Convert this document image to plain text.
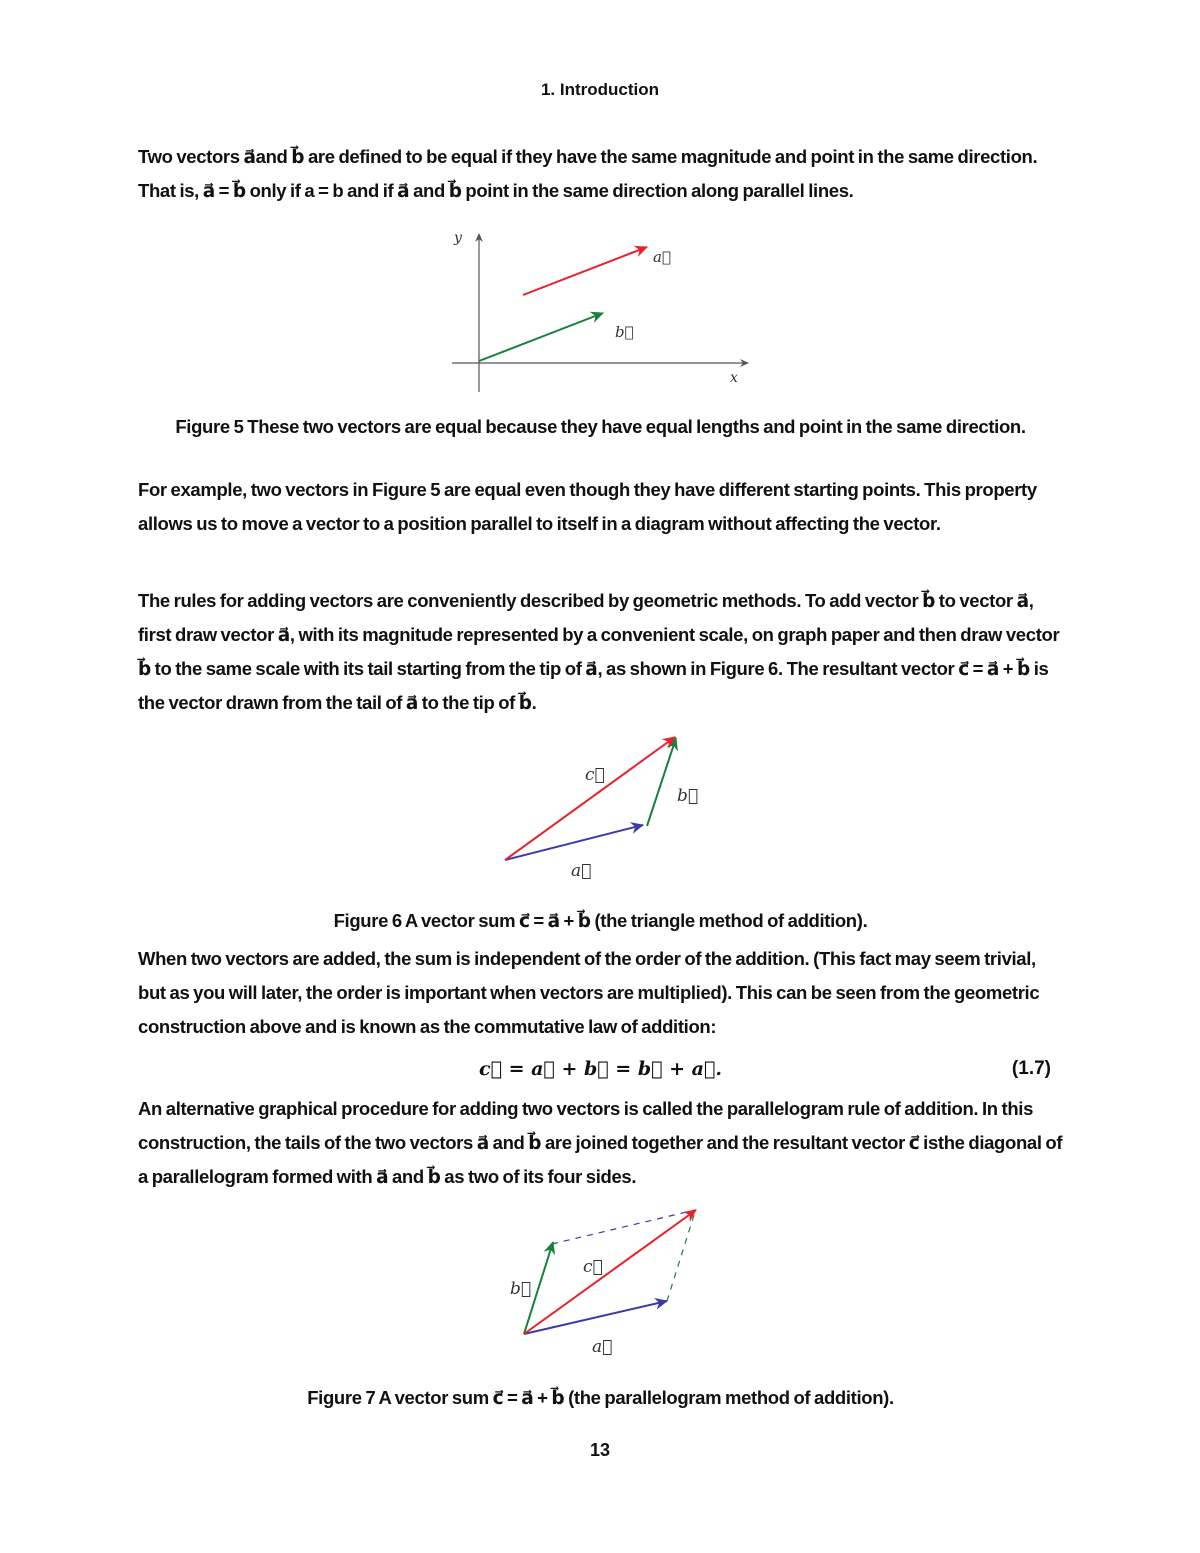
1. Introduction

Two vectors a⃗and b⃗ are defined to be equal if they have the same magnitude and point in the same direction. That is, a⃗ = b⃗ only if a = b and if a⃗ and b⃗ point in the same direction along parallel lines.

y
x
a⃗
b⃗

Figure 5 These two vectors are equal because they have equal lengths and point in the same direction.

For example, two vectors in Figure 5 are equal even though they have different starting points. This property allows us to move a vector to a position parallel to itself in a diagram without affecting the vector.

The rules for adding vectors are conveniently described by geometric methods. To add vector b⃗ to vector a⃗, first draw vector a⃗, with its magnitude represented by a convenient scale, on graph paper and then draw vector b⃗ to the same scale with its tail starting from the tip of a⃗, as shown in Figure 6. The resultant vector c⃗ = a⃗ + b⃗ is the vector drawn from the tail of a⃗ to the tip of b⃗.

c⃗
b⃗
a⃗

Figure 6 A vector sum c⃗ = a⃗ + b⃗ (the triangle method of addition).

When two vectors are added, the sum is independent of the order of the addition. (This fact may seem trivial, but as you will later, the order is important when vectors are multiplied). This can be seen from the geometric construction above and is known as the commutative law of addition:

c⃗ = a⃗ + b⃗ = b⃗ + a⃗.	(1.7)

An alternative graphical procedure for adding two vectors is called the parallelogram rule of addition. In this construction, the tails of the two vectors a⃗ and b⃗ are joined together and the resultant vector c⃗ isthe diagonal of a parallelogram formed with a⃗ and b⃗ as two of its four sides.

c⃗
b⃗
a⃗

Figure 7 A vector sum c⃗ = a⃗ + b⃗ (the parallelogram method of addition).

13
